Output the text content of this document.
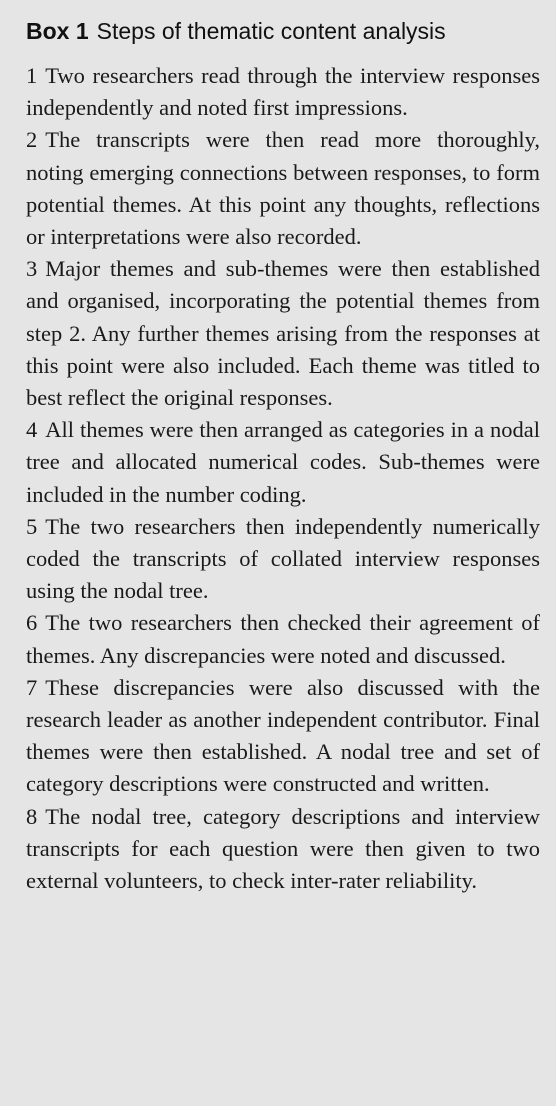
Box 1 Steps of thematic content analysis
1 Two researchers read through the interview responses independently and noted first impressions.
2 The transcripts were then read more thoroughly, noting emerging connections between responses, to form potential themes. At this point any thoughts, reflections or interpretations were also recorded.
3 Major themes and sub-themes were then established and organised, incorporating the potential themes from step 2. Any further themes arising from the responses at this point were also included. Each theme was titled to best reflect the original responses.
4 All themes were then arranged as categories in a nodal tree and allocated numerical codes. Sub-themes were included in the number coding.
5 The two researchers then independently numerically coded the transcripts of collated interview responses using the nodal tree.
6 The two researchers then checked their agreement of themes. Any discrepancies were noted and discussed.
7 These discrepancies were also discussed with the research leader as another independent contributor. Final themes were then established. A nodal tree and set of category descriptions were constructed and written.
8 The nodal tree, category descriptions and interview transcripts for each question were then given to two external volunteers, to check inter-rater reliability.
